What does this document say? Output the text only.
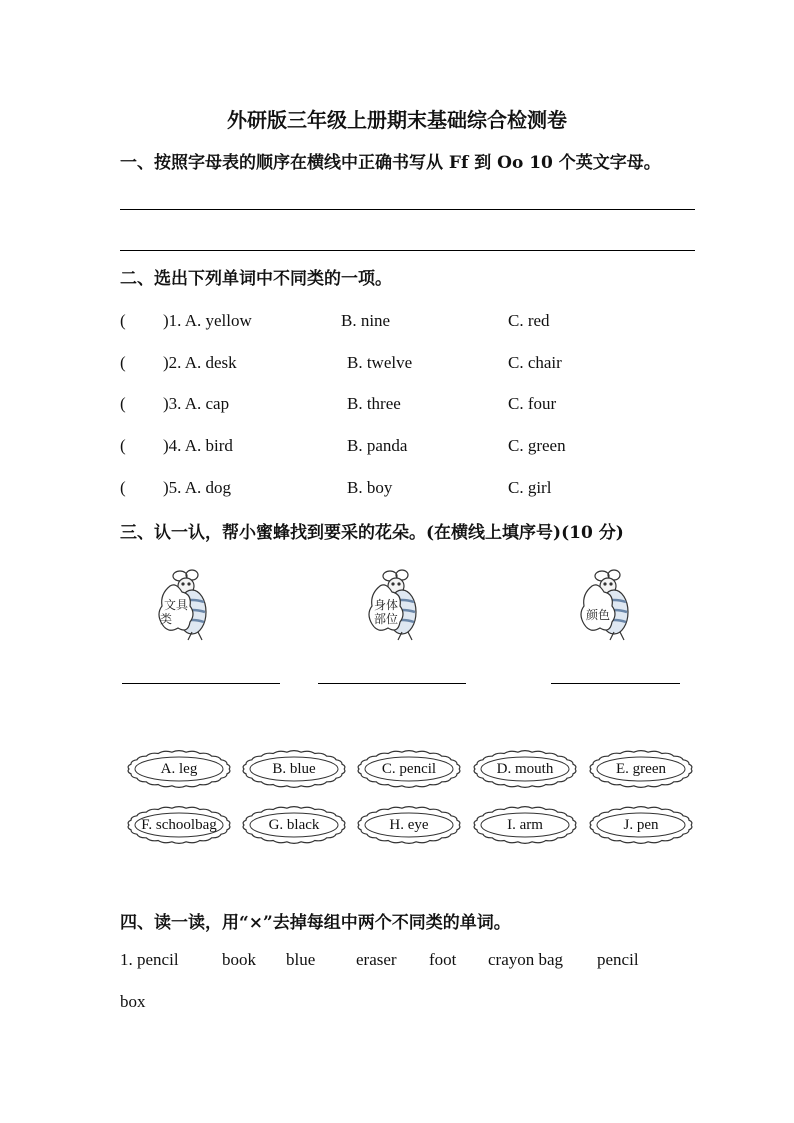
外研版三年级上册期末基础综合检测卷
一、按照字母表的顺序在横线中正确书写从 Ff 到 Oo 10 个英文字母。
二、选出下列单词中不同类的一项。
( )1. A. yellow	B. nine	C. red
( )2. A. desk	B. twelve	C. chair
( )3. A. cap	B. three	C. four
( )4. A. bird	B. panda	C. green
( )5. A. dog	B. boy	C. girl
三、认一认，帮小蜜蜂找到要采的花朵。(在横线上填序号)(10 分)
文具
类
身体
部位	颜色
A. leg	B. blue	C. pencil	D. mouth	E. green
F. schoolbag	G. black	H. eye	I. arm	J. pen
四、读一读，用“×”去掉每组中两个不同类的单词。
1. pencil	book blue eraser foot crayon bag pencil
box
